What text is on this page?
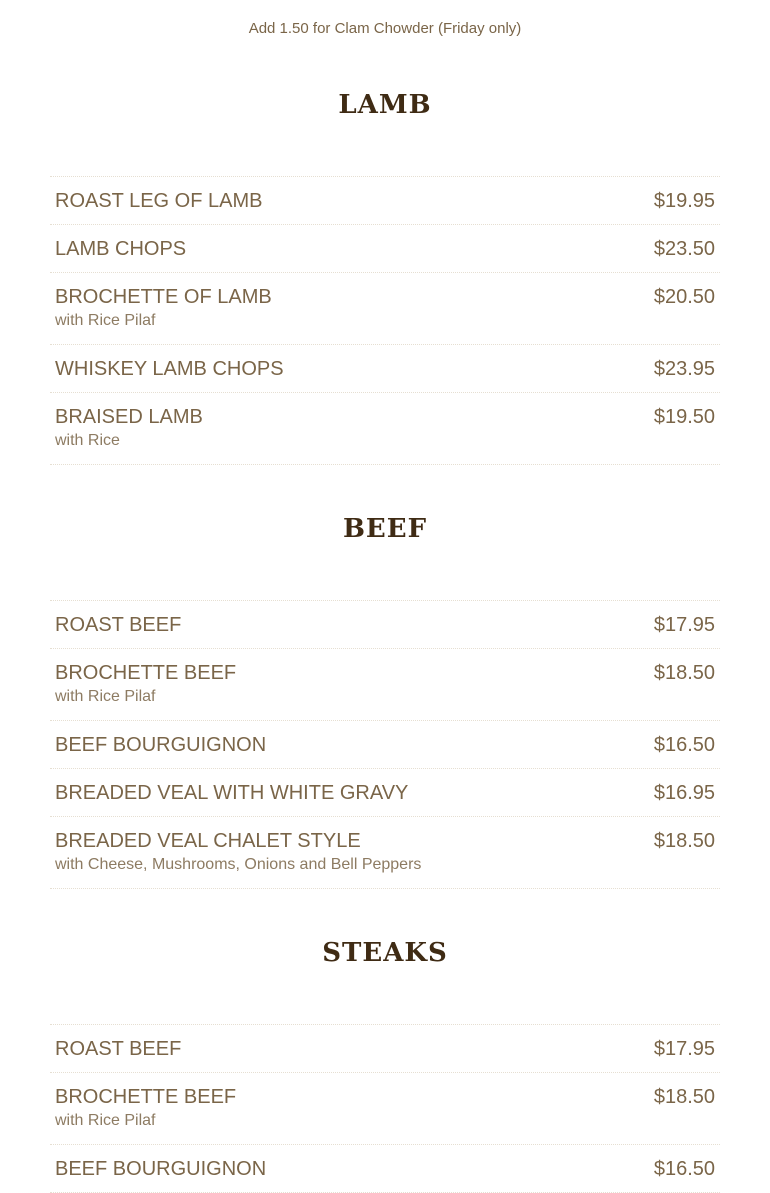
Add 1.50 for Clam Chowder (Friday only)
LAMB
ROAST LEG OF LAMB	$19.95
LAMB CHOPS	$23.50
BROCHETTE OF LAMB
with Rice Pilaf
$20.50
WHISKEY LAMB CHOPS	$23.95
BRAISED LAMB
with Rice
$19.50
BEEF
ROAST BEEF	$17.95
BROCHETTE BEEF
with Rice Pilaf
$18.50
BEEF BOURGUIGNON	$16.50
BREADED VEAL WITH WHITE GRAVY	$16.95
BREADED VEAL CHALET STYLE
with Cheese, Mushrooms, Onions and Bell Peppers
$18.50
STEAKS
ROAST BEEF	$17.95
BROCHETTE BEEF
with Rice Pilaf
$18.50
BEEF BOURGUIGNON	$16.50
